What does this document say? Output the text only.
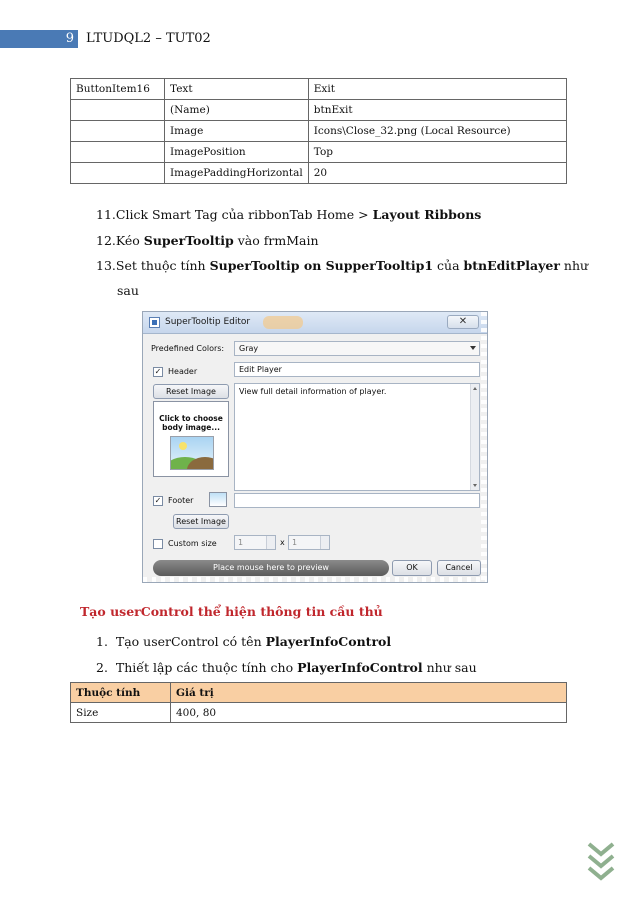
9 LTUDQL2 – TUT02
ButtonItem16	Text	Exit
	(Name)	btnExit
	Image	Icons\Close_32.png (Local Resource)
	ImagePosition	Top
	ImagePaddingHorizontal	20
11.Click Smart Tag của ribbonTab Home > Layout Ribbons
12.Kéo SuperTooltip vào frmMain
13.Set thuộc tính SuperTooltip on SupperTooltip1 của btnEditPlayer như
sau
SuperTooltip Editor	✕
Predefined Colors:	Gray
✓ Header	Edit Player
Reset Image	View full detail information of player.
Click to choose
body image...
✓ Footer
Reset Image
Custom size	1	x 1
Place mouse here to preview	OK	Cancel
Tạo userControl thể hiện thông tin cầu thủ
1. Tạo userControl có tên PlayerInfoControl
2. Thiết lập các thuộc tính cho PlayerInfoControl như sau
Thuộc tính	Giá trị
Size	400, 80
